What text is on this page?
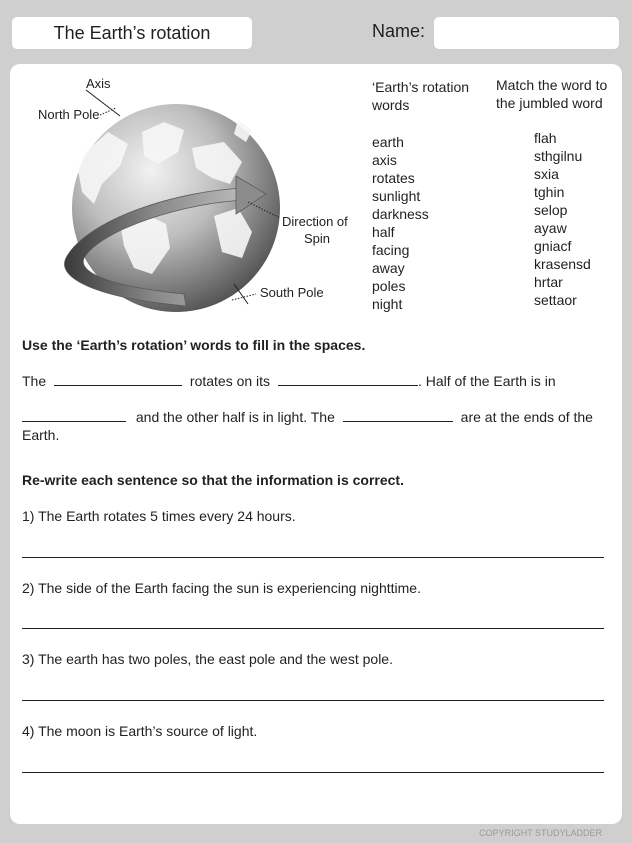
The Earth’s rotation	Name:
Axis
North Pole
Direction of
Spin
South Pole
‘Earth’s rotation
words
earth
axis
rotates
sunlight
darkness
half
facing
away
poles
night
Match the word to
the jumbled word
flah
sthgilnu
sxia
tghin
selop
ayaw
gniacf
krasensd
hrtar
settaor
Use the ‘Earth’s rotation’ words to fill in the spaces.
The	rotates on its	. Half of the Earth is in
and the other half is in light. The	are at the ends of the
Earth.
Re-write each sentence so that the information is correct.
1) The Earth rotates 5 times every 24 hours.
2) The side of the Earth facing the sun is experiencing nighttime.
3) The earth has two poles, the east pole and the west pole.
4) The moon is Earth’s source of light.
COPYRIGHT STUDYLADDER
